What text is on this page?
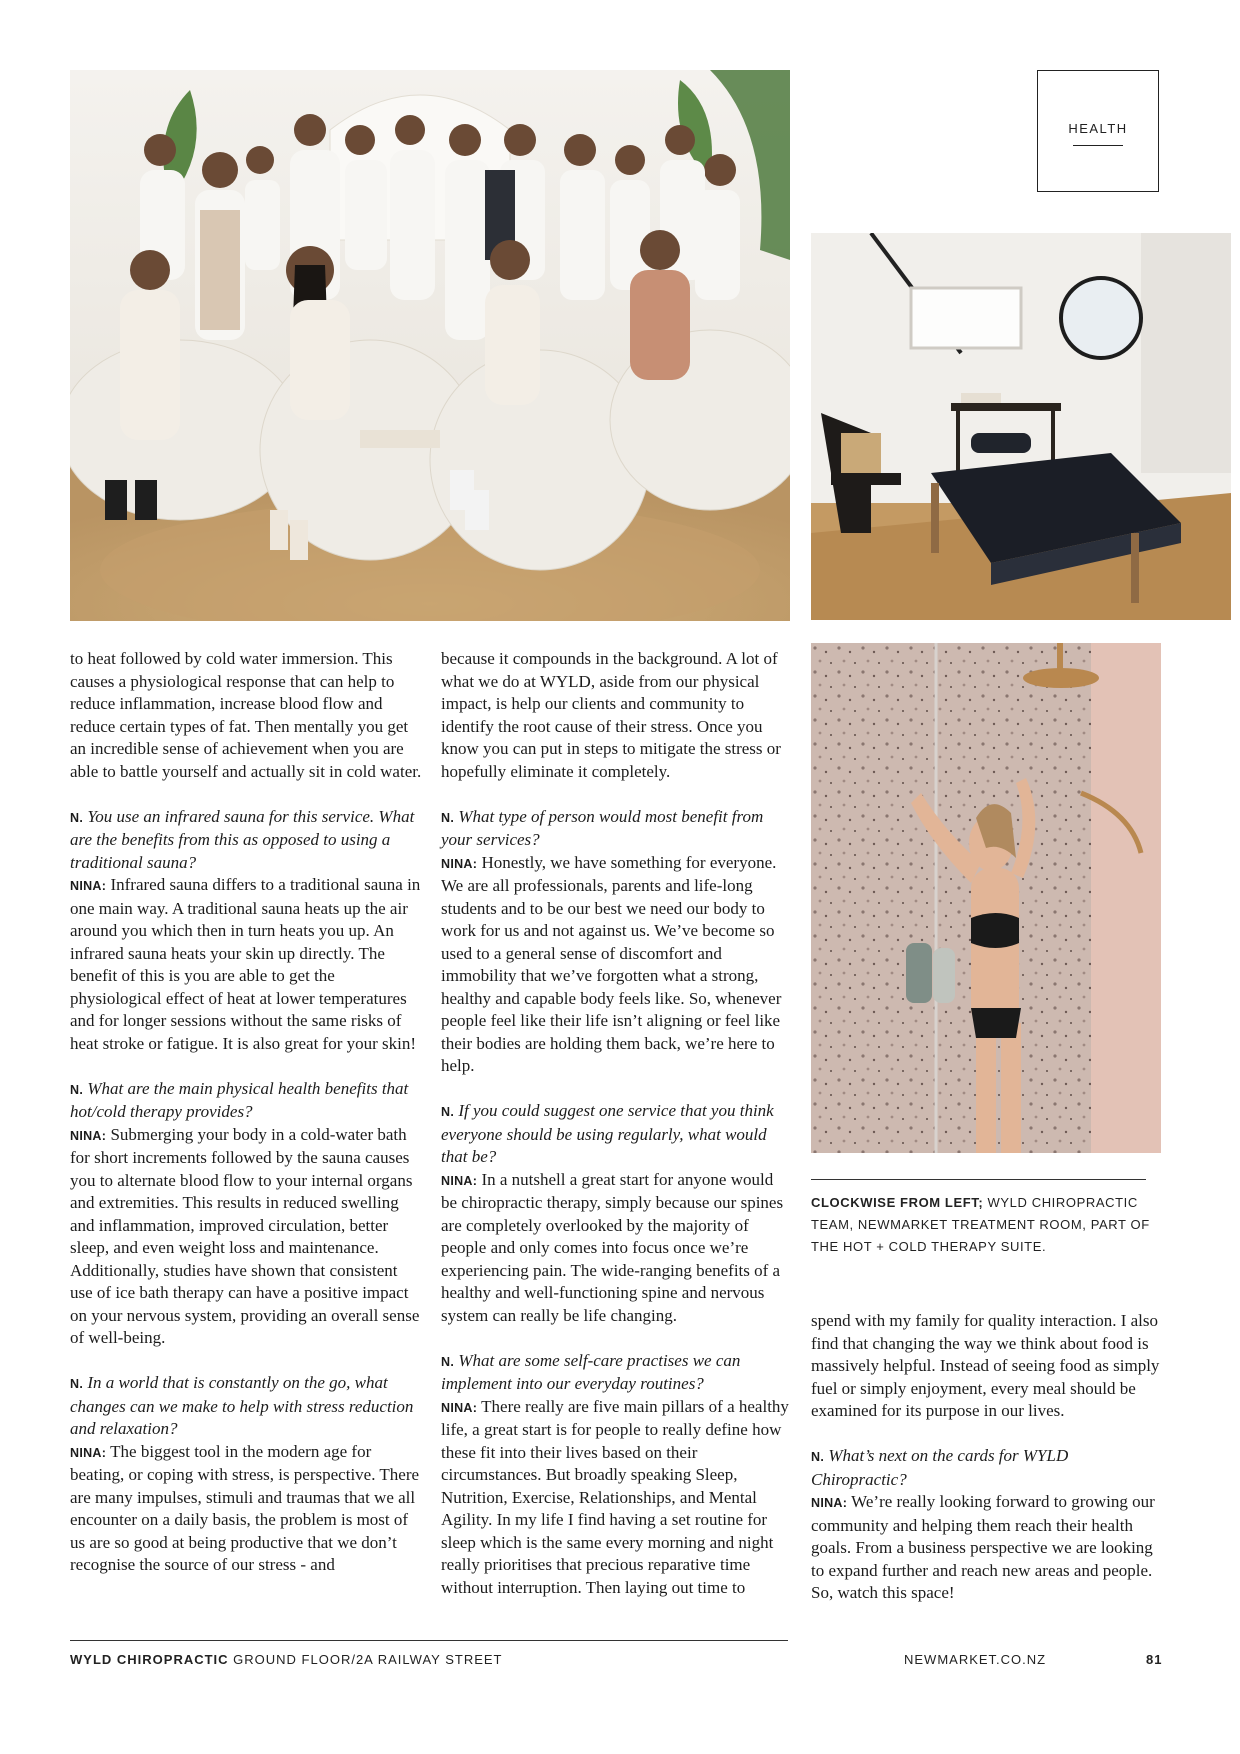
HEALTH

to heat followed by cold water immersion. This causes a physiological response that can help to reduce inflammation, increase blood flow and reduce certain types of fat. Then mentally you get an incredible sense of achievement when you are able to battle yourself and actually sit in cold water.

N. You use an infrared sauna for this service. What are the benefits from this as opposed to using a traditional sauna?
NINA: Infrared sauna differs to a traditional sauna in one main way. A traditional sauna heats up the air around you which then in turn heats you up. An infrared sauna heats your skin up directly. The benefit of this is you are able to get the physiological effect of heat at lower temperatures and for longer sessions without the same risks of heat stroke or fatigue. It is also great for your skin!

N. What are the main physical health benefits that hot/cold therapy provides?
NINA: Submerging your body in a cold-water bath for short increments followed by the sauna causes you to alternate blood flow to your internal organs and extremities. This results in reduced swelling and inflammation, improved circulation, better sleep, and even weight loss and maintenance. Additionally, studies have shown that consistent use of ice bath therapy can have a positive impact on your nervous system, providing an overall sense of well-being.

N. In a world that is constantly on the go, what changes can we make to help with stress reduction and relaxation?
NINA: The biggest tool in the modern age for beating, or coping with stress, is perspective. There are many impulses, stimuli and traumas that we all encounter on a daily basis, the problem is most of us are so good at being productive that we don’t recognise the source of our stress - and

because it compounds in the background. A lot of what we do at WYLD, aside from our physical impact, is help our clients and community to identify the root cause of their stress. Once you know you can put in steps to mitigate the stress or hopefully eliminate it completely.

N. What type of person would most benefit from your services?
NINA: Honestly, we have something for everyone. We are all professionals, parents and life-long students and to be our best we need our body to work for us and not against us. We’ve become so used to a general sense of discomfort and immobility that we’ve forgotten what a strong, healthy and capable body feels like. So, whenever people feel like their life isn’t aligning or feel like their bodies are holding them back, we’re here to help.

N. If you could suggest one service that you think everyone should be using regularly, what would that be?
NINA: In a nutshell a great start for anyone would be chiropractic therapy, simply because our spines are completely overlooked by the majority of people and only comes into focus once we’re experiencing pain. The wide-ranging benefits of a healthy and well-functioning spine and nervous system can really be life changing.

N. What are some self-care practises we can implement into our everyday routines?
NINA: There really are five main pillars of a healthy life, a great start is for people to really define how these fit into their lives based on their circumstances. But broadly speaking Sleep, Nutrition, Exercise, Relationships, and Mental Agility. In my life I find having a set routine for sleep which is the same every morning and night really prioritises that precious reparative time without interruption. Then laying out time to

CLOCKWISE FROM LEFT; WYLD CHIROPRACTIC TEAM, NEWMARKET TREATMENT ROOM, PART OF THE HOT + COLD THERAPY SUITE.

spend with my family for quality interaction. I also find that changing the way we think about food is massively helpful. Instead of seeing food as simply fuel or simply enjoyment, every meal should be examined for its purpose in our lives.

N. What’s next on the cards for WYLD Chiropractic?
NINA: We’re really looking forward to growing our community and helping them reach their health goals. From a business perspective we are looking to expand further and reach new areas and people. So, watch this space!

WYLD CHIROPRACTIC GROUND FLOOR/2A RAILWAY STREET	NEWMARKET.CO.NZ	81
